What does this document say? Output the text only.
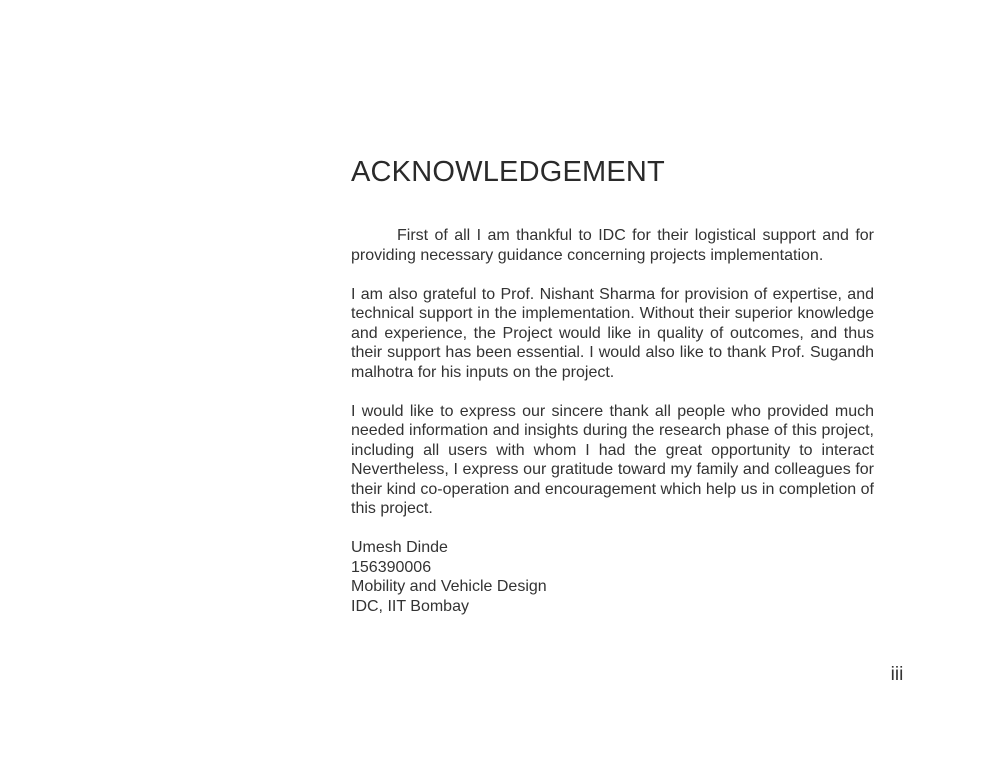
ACKNOWLEDGEMENT

First of all I am thankful to IDC for their logistical support and for providing necessary guidance concerning projects implementation.

I am also grateful to Prof. Nishant Sharma for provision of expertise, and technical support in the implementation. Without their superior knowledge and experience, the Project would like in quality of outcomes, and thus their support has been essential. I would also like to thank Prof. Sugandh malhotra for his inputs on the project.

I would like to express our sincere thank all people who provided much needed information and insights during the research phase of this project, including all users with whom I had the great opportunity to interact Nevertheless, I express our gratitude toward my family and colleagues for their kind co-operation and encouragement which help us in completion of this project.

Umesh Dinde
156390006
Mobility and Vehicle Design
IDC, IIT Bombay
iii
